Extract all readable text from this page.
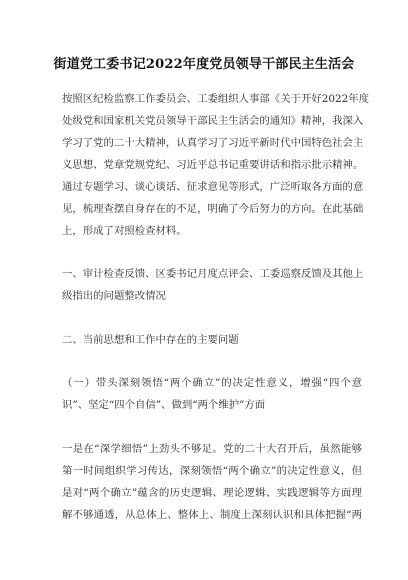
街道党工委书记2022年度党员领导干部民主生活会
按照区纪检监察工作委员会、工委组织人事部《关于开好2022年度
处级党和国家机关党员领导干部民主生活会的通知》精神，我深入
学习了党的二十大精神，认真学习了习近平新时代中国特色社会主
义思想、党章党规党纪、习近平总书记重要讲话和指示批示精神。
通过专题学习、谈心谈话、征求意见等形式，广泛听取各方面的意
见，梳理查摆自身存在的不足，明确了今后努力的方向。在此基础
上，形成了对照检查材料。
一、审计检查反馈、区委书记月度点评会、工委巡察反馈及其他上
级指出的问题整改情况
二、当前思想和工作中存在的主要问题
（一）带头深刻领悟“两个确立”的决定性意义，增强“四个意
识”、坚定“四个自信”、做到“两个维护”方面
一是在“深学细悟”上劲头不够足。党的二十大召开后，虽然能够
第一时间组织学习传达，深刻领悟“两个确立”的决定性意义，但
是对“两个确立”蕴含的历史逻辑、理论逻辑、实践逻辑等方面理
解不够通透，从总体上、整体上、制度上深刻认识和具体把握“两
